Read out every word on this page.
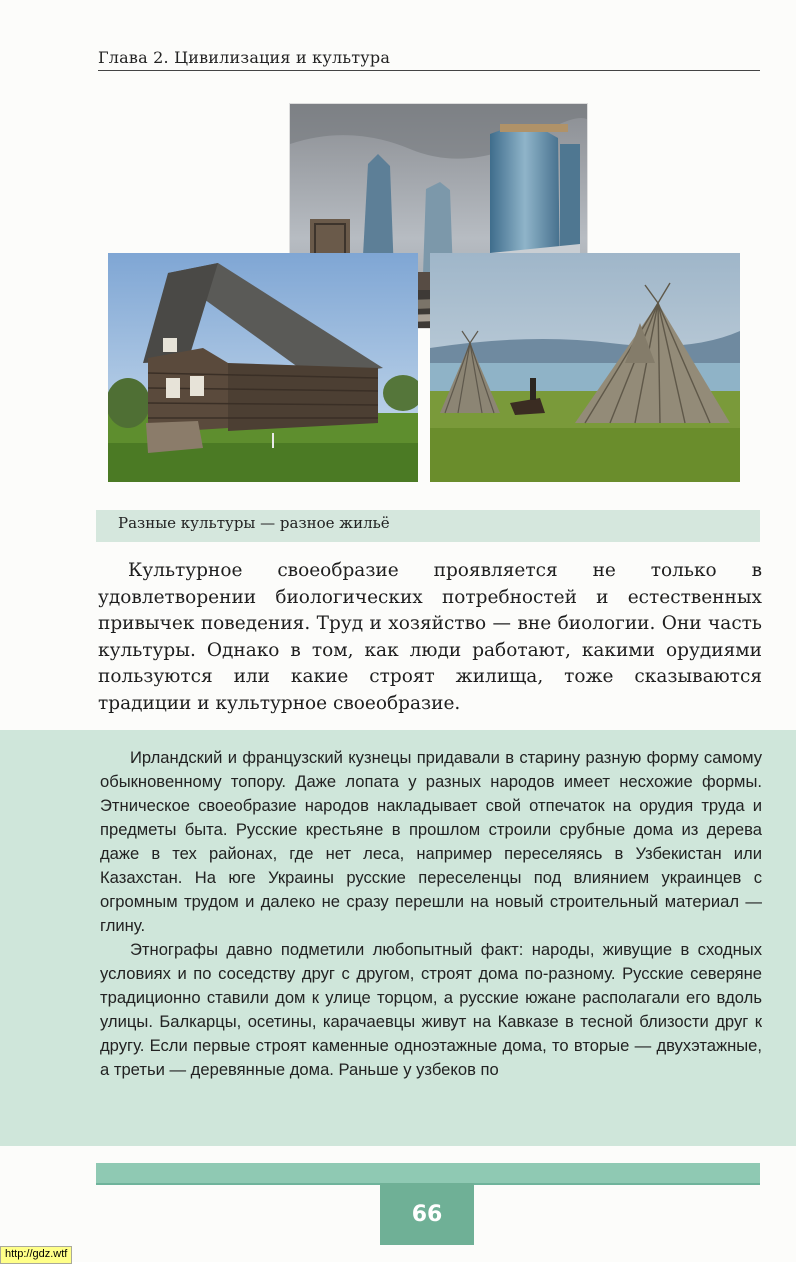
Глава 2. Цивилизация и культура
Разные культуры — разное жильё

Культурное своеобразие проявляется не только в удовлетворении биологических потребностей и естественных привычек поведения. Труд и хозяйство — вне биологии. Они часть культуры. Однако в том, как люди работают, какими орудиями пользуются или какие строят жилища, тоже сказываются традиции и культурное своеобразие.

Ирландский и французский кузнецы придавали в старину разную форму самому обыкновенному топору. Даже лопата у разных народов имеет несхожие формы. Этническое своеобразие народов накладывает свой отпечаток на орудия труда и предметы быта. Русские крестьяне в прошлом строили срубные дома из дерева даже в тех районах, где нет леса, например переселяясь в Узбекистан или Казахстан. На юге Украины русские переселенцы под влиянием украинцев с огромным трудом и далеко не сразу перешли на новый строительный материал — глину.

Этнографы давно подметили любопытный факт: народы, живущие в сходных условиях и по соседству друг с другом, строят дома по-разному. Русские северяне традиционно ставили дом к улице торцом, а русские южане располагали его вдоль улицы. Балкарцы, осетины, карачаевцы живут на Кавказе в тесной близости друг к другу. Если первые строят каменные одноэтажные дома, то вторые — двухэтажные, а третьи — деревянные дома. Раньше у узбеков по

66
http://gdz.wtf
